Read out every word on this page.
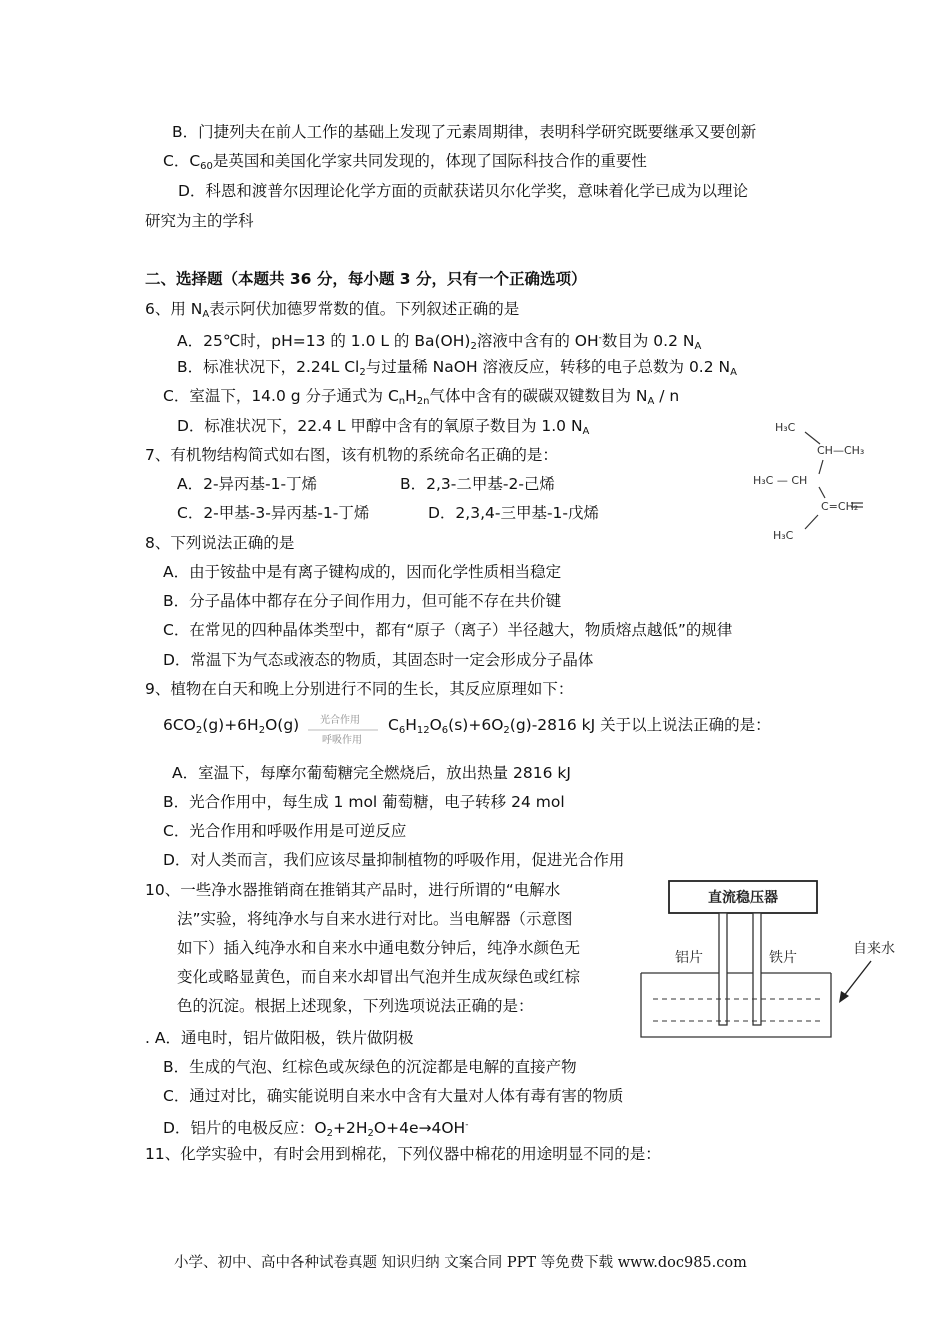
B．门捷列夫在前人工作的基础上发现了元素周期律，表明科学研究既要继承又要创新
C．$C_{60}$是英国和美国化学家共同发现的，体现了国际科技合作的重要性
D．科恩和渡普尔因理论化学方面的贡献获诺贝尔化学奖，意味着化学已成为以理论
研究为主的学科
二、选择题（本题共 36 分，每小题 3 分，只有一个正确选项）
6、用 $N_A$表示阿伏加德罗常数的值。下列叙述正确的是
A．25℃时，pH=13 的 1.0 L 的 $Ba(OH)_2$溶液中含有的 OH-数目为 0.2 $N_A$
B．标准状况下，2.24L $Cl_2$与过量稀 NaOH 溶液反应，转移的电子总数为 0.2 $N_A$
C．室温下，14.0 g 分子通式为 $C_nH_{2n}$气体中含有的碳碳双键数目为 $N_A$ / n
D．标准状况下，22.4 L 甲醇中含有的氧原子数目为 1.0 $N_A$
7、有机物结构简式如右图，该有机物的系统命名正确的是：
A．2-异丙基-1-丁烯	B．2,3-二甲基-2-己烯
C．2-甲基-3-异丙基-1-丁烯	D．2,3,4-三甲基-1-戊烯
H₃C
CH—CH₃
H₃C — CH
C=CH₂
H₃C
8、下列说法正确的是
A．由于铵盐中是有离子键构成的，因而化学性质相当稳定
B．分子晶体中都存在分子间作用力，但可能不存在共价键
C．在常见的四种晶体类型中，都有“原子（离子）半径越大，物质熔点越低”的规律
D．常温下为气态或液态的物质，其固态时一定会形成分子晶体
9、植物在白天和晚上分别进行不同的生长，其反应原理如下：
$6CO_2(g)+6H_2O(g)$ 光合作用
呼吸作用
$C_6H_{12}O_6(s)+6O_2(g)-2816$ kJ 关于以上说法正确的是：
A．室温下，每摩尔葡萄糖完全燃烧后，放出热量 2816 kJ
B．光合作用中，每生成 1 mol 葡萄糖，电子转移 24 mol
C．光合作用和呼吸作用是可逆反应
D．对人类而言，我们应该尽量抑制植物的呼吸作用，促进光合作用
10、一些净水器推销商在推销其产品时，进行所谓的“电解水
法”实验，将纯净水与自来水进行对比。当电解器（示意图
如下）插入纯净水和自来水中通电数分钟后，纯净水颜色无
变化或略显黄色，而自来水却冒出气泡并生成灰绿色或红棕
色的沉淀。根据上述现象，下列选项说法正确的是：
. A．通电时，铝片做阳极，铁片做阴极
B．生成的气泡、红棕色或灰绿色的沉淀都是电解的直接产物
C．通过对比，确实能说明自来水中含有大量对人体有毒有害的物质
D．铝片的电极反应：$O_2+2H_2O+4e\to 4OH^-$
直流稳压器
铝片	铁片
自来水
11、化学实验中，有时会用到棉花，下列仪器中棉花的用途明显不同的是：
小学、初中、高中各种试卷真题 知识归纳 文案合同 PPT 等免费下载 www.doc985.com
